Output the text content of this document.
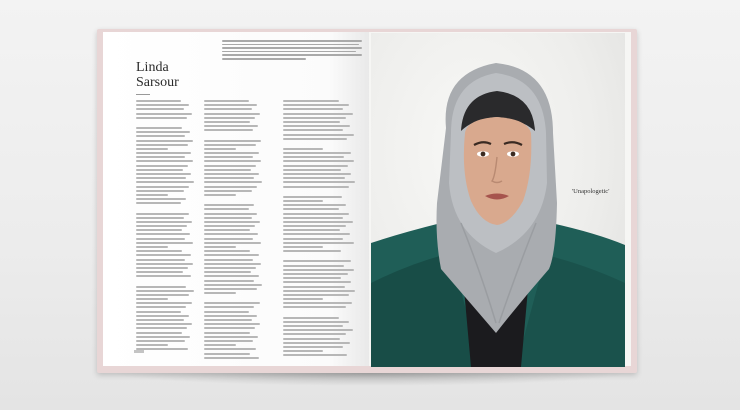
Linda
Sarsour
'Unapologetic'
